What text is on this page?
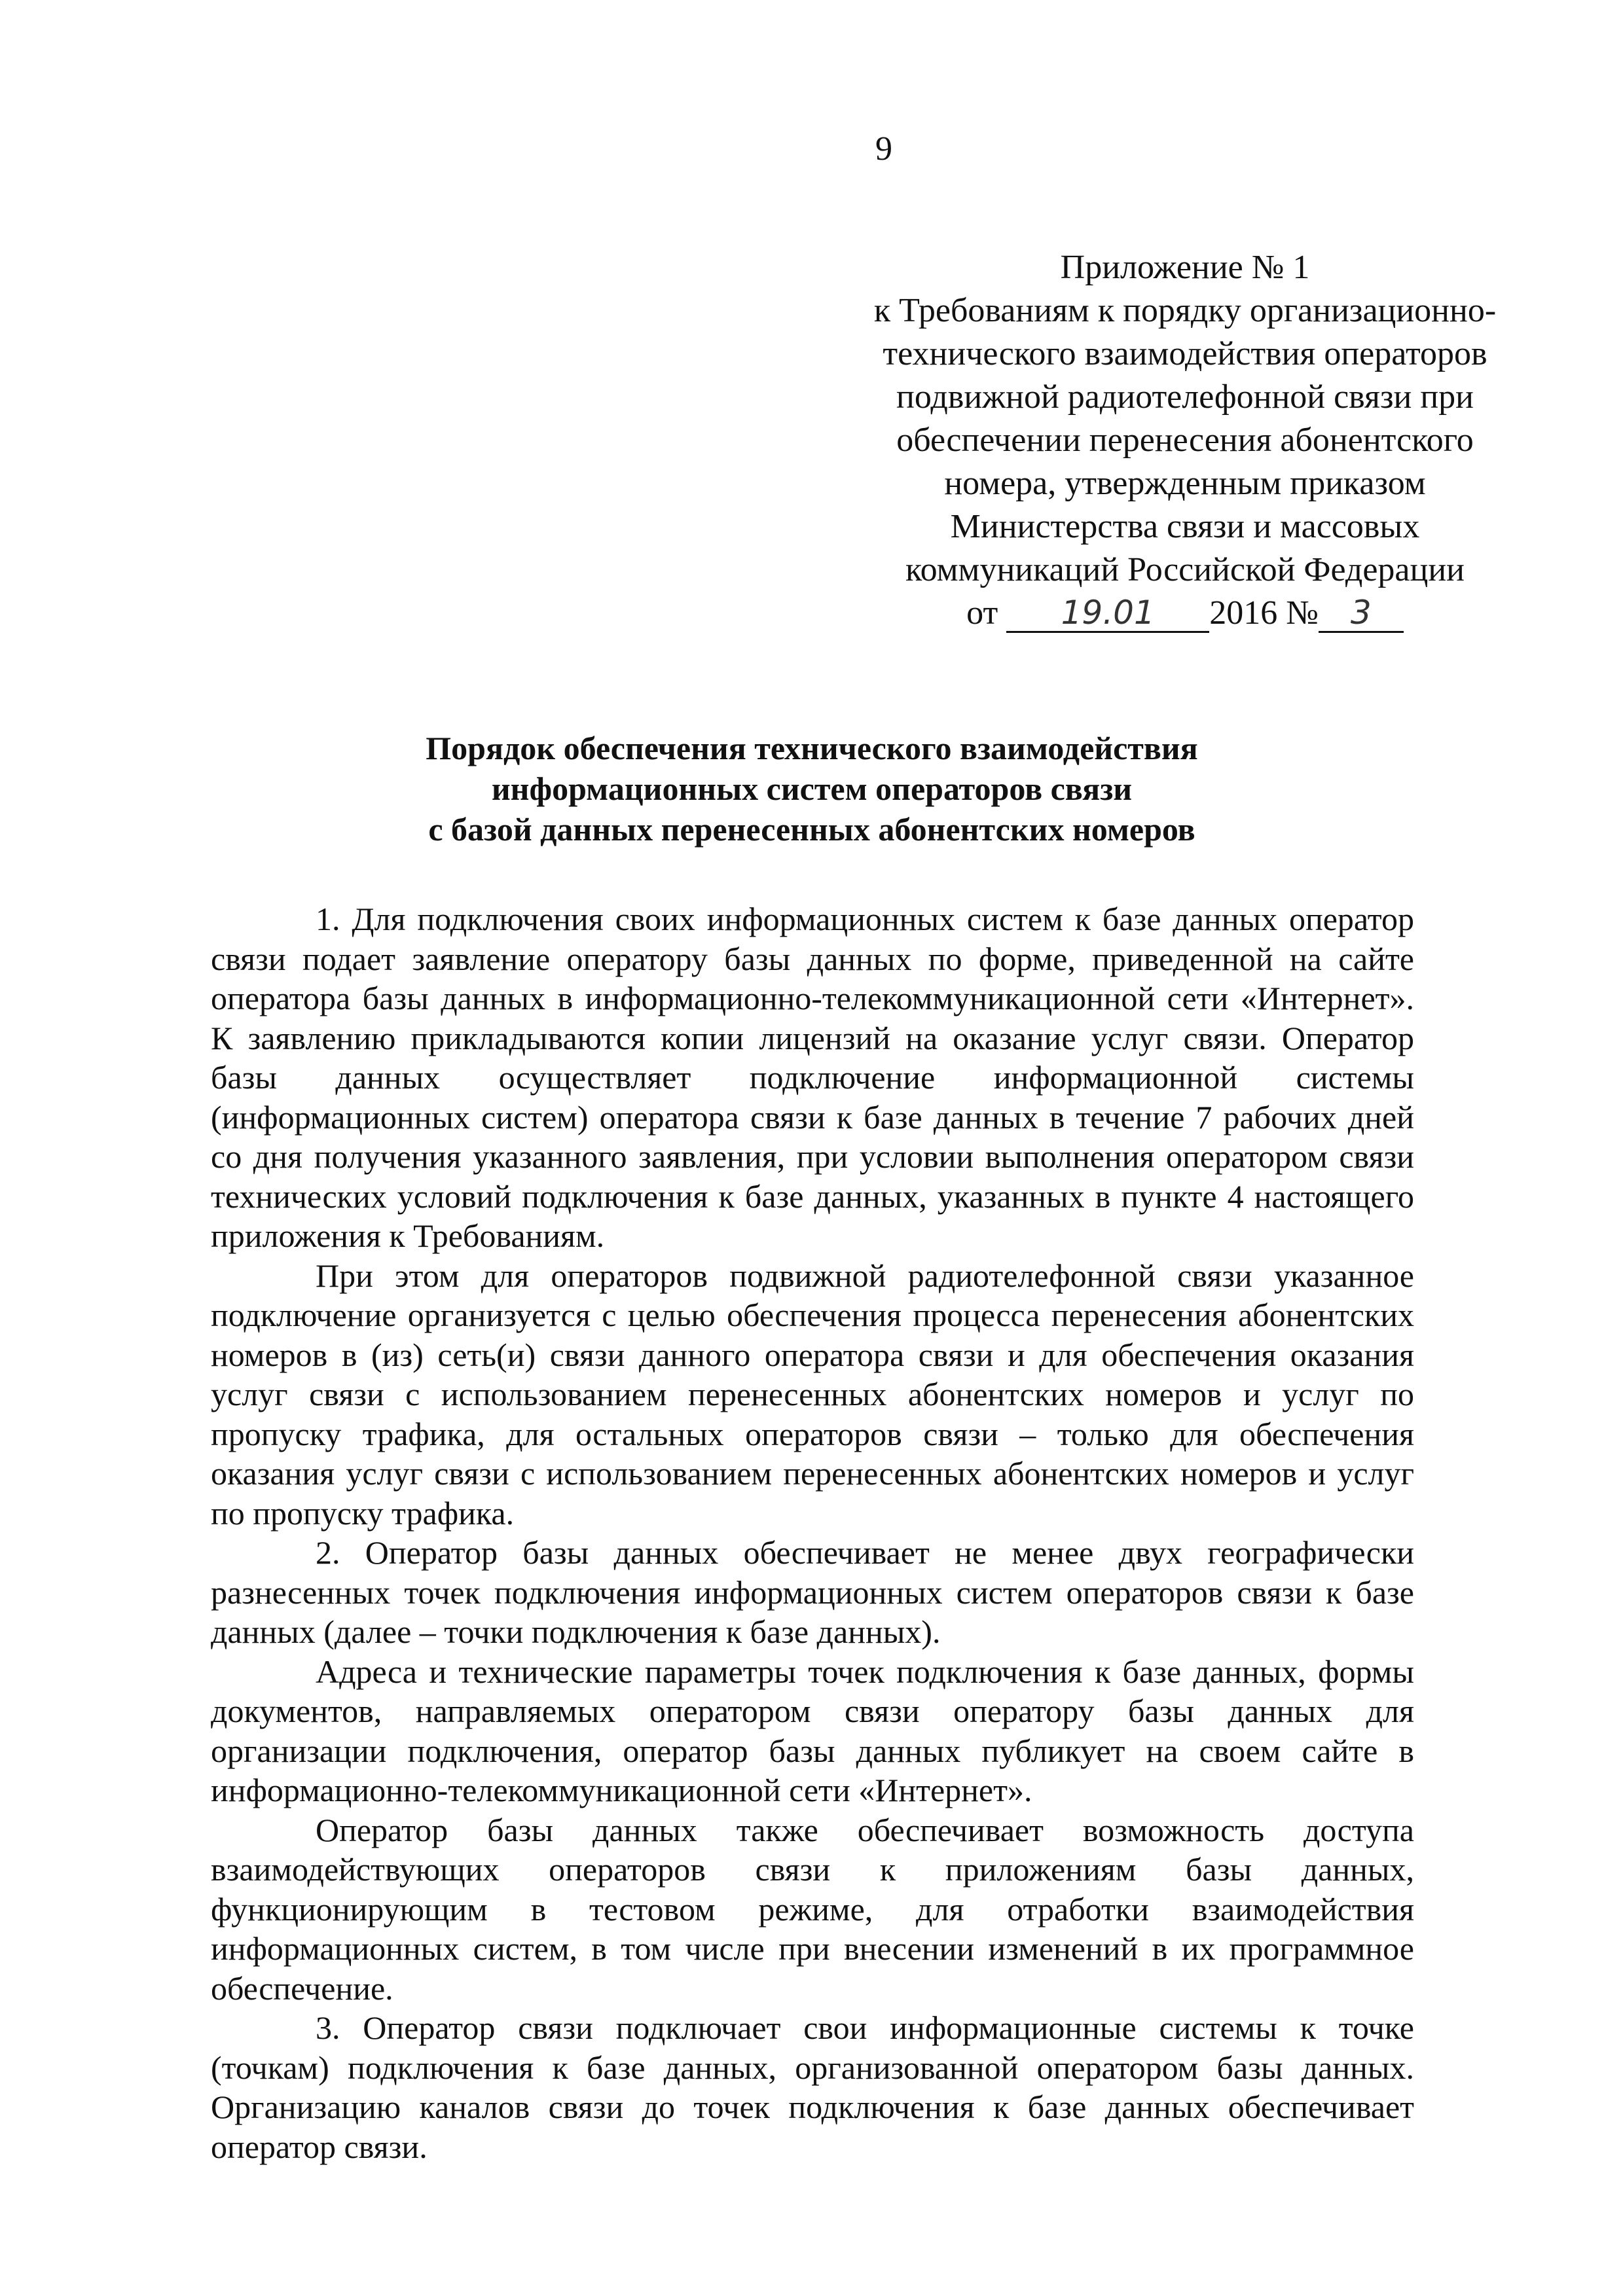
9
Приложение № 1
к Требованиям к порядку организационно-
технического взаимодействия операторов
подвижной радиотелефонной связи при
обеспечении перенесения абонентского
номера, утвержденным приказом
Министерства связи и массовых
коммуникаций Российской Федерации
от 19.01 2016 № 3
Порядок обеспечения технического взаимодействия
информационных систем операторов связи
с базой данных перенесенных абонентских номеров

1. Для подключения своих информационных систем к базе данных оператор связи подает заявление оператору базы данных по форме, приведенной на сайте оператора базы данных в информационно-телекоммуникационной сети «Интернет». К заявлению прикладываются копии лицензий на оказание услуг связи. Оператор базы данных осуществляет подключение информационной системы (информационных систем) оператора связи к базе данных в течение 7 рабочих дней со дня получения указанного заявления, при условии выполнения оператором связи технических условий подключения к базе данных, указанных в пункте 4 настоящего приложения к Требованиям.

При этом для операторов подвижной радиотелефонной связи указанное подключение организуется с целью обеспечения процесса перенесения абонентских номеров в (из) сеть(и) связи данного оператора связи и для обеспечения оказания услуг связи с использованием перенесенных абонентских номеров и услуг по пропуску трафика, для остальных операторов связи – только для обеспечения оказания услуг связи с использованием перенесенных абонентских номеров и услуг по пропуску трафика.

2. Оператор базы данных обеспечивает не менее двух географически разнесенных точек подключения информационных систем операторов связи к базе данных (далее – точки подключения к базе данных).

Адреса и технические параметры точек подключения к базе данных, формы документов, направляемых оператором связи оператору базы данных для организации подключения, оператор базы данных публикует на своем сайте в информационно-телекоммуникационной сети «Интернет».

Оператор базы данных также обеспечивает возможность доступа взаимодействующих операторов связи к приложениям базы данных, функционирующим в тестовом режиме, для отработки взаимодействия информационных систем, в том числе при внесении изменений в их программное обеспечение.

3. Оператор связи подключает свои информационные системы к точке (точкам) подключения к базе данных, организованной оператором базы данных. Организацию каналов связи до точек подключения к базе данных обеспечивает оператор связи.
